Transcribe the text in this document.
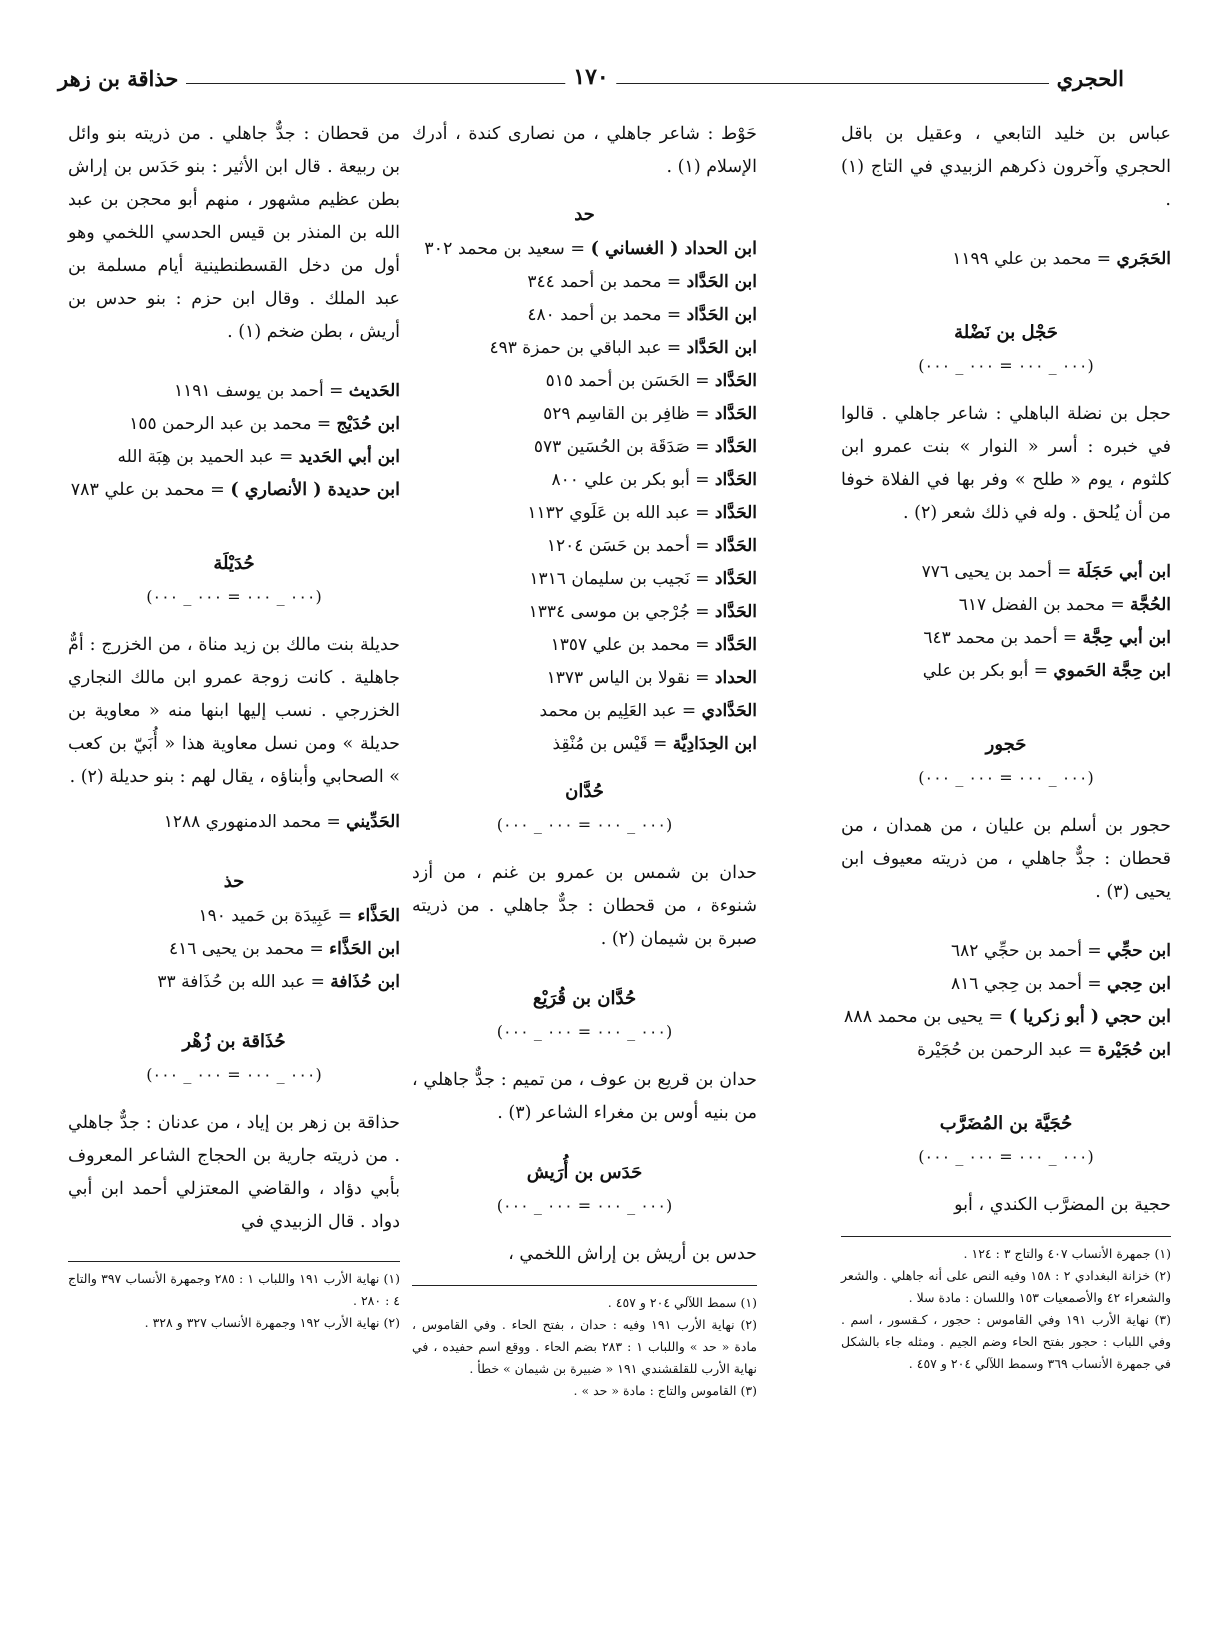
الحجري
١٧٠
حذاقة بن زهر

عباس بن خليد التابعي ، وعقيل بن باقل الحجري وآخرون ذكرهم الزبيدي في التاج (١) .

الحَجَري = محمد بن علي ١١٩٩

حَجْل بن نَضْلة
(٠٠٠ _ ٠٠٠ = ٠٠٠ _ ٠٠٠)

حجل بن نضلة الباهلي : شاعر جاهلي . قالوا في خبره : أسر « النوار » بنت عمرو ابن كلثوم ، يوم « طلح » وفر بها في الفلاة خوفا من أن يُلحق . وله في ذلك شعر (٢) .

ابن أبي حَجَلَة = أحمد بن يحيى ٧٧٦

الحُجَّة = محمد بن الفضل ٦١٧

ابن أبي حِجَّة = أحمد بن محمد ٦٤٣

ابن حِجَّة الحَموي = أبو بكر بن علي

حَجور
(٠٠٠ _ ٠٠٠ = ٠٠٠ _ ٠٠٠)

حجور بن أسلم بن عليان ، من همدان ، من قحطان : جدٌّ جاهلي ، من ذريته معيوف ابن يحيى (٣) .

ابن حجِّي = أحمد بن حجِّي ٦٨٢

ابن حِجي = أحمد بن حِجي ٨١٦

ابن حجي ( أبو زكريا ) = يحيى بن محمد ٨٨٨

ابن حُجَيْرة = عبد الرحمن بن حُجَيْرة

حُجَيَّة بن المُضَرَّب
(٠٠٠ _ ٠٠٠ = ٠٠٠ _ ٠٠٠)

حجية بن المضرَّب الكندي ، أبو

(١) جمهرة الأنساب ٤٠٧ والتاج ٣ : ١٢٤ .

(٢) خزانة البغدادي ٢ : ١٥٨ وفيه النص على أنه جاهلي . والشعر والشعراء ٤٢ والأصمعيات ١٥٣ واللسان : مادة سلا .

(٣) نهاية الأرب ١٩١ وفي القاموس : حجور ، كـقسور ، اسم . وفي اللباب : حجور بفتح الحاء وضم الجيم . ومثله جاء بالشكل في جمهرة الأنساب ٣٦٩ وسمط اللآلي ٢٠٤ و ٤٥٧ .

حَوْط : شاعر جاهلي ، من نصارى كندة ، أدرك الإسلام (١) .

حد

ابن الحداد ( الغساني ) = سعيد بن محمد ٣٠٢

ابن الحَدَّاد = محمد بن أحمد ٣٤٤

ابن الحَدَّاد = محمد بن أحمد ٤٨٠

ابن الحَدَّاد = عبد الباقي بن حمزة ٤٩٣

الحَدَّاد = الحَسَن بن أحمد ٥١٥

الحَدَّاد = ظافِر بن القاسِم ٥٢٩

الحَدَّاد = صَدَقَة بن الحُسَين ٥٧٣

الحَدَّاد = أبو بكر بن علي ٨٠٠

الحَدَّاد = عبد الله بن عَلَوي ١١٣٢

الحَدَّاد = أحمد بن حَسَن ١٢٠٤

الحَدَّاد = نَجيب بن سليمان ١٣١٦

الحَدَّاد = جُرْجي بن موسى ١٣٣٤

الحَدَّاد = محمد بن علي ١٣٥٧

الحداد = نقولا بن الياس ١٣٧٣

الحَدَّادي = عبد العَلِيم بن محمد

ابن الحِدَادِيَّة = قَيْس بن مُنْقِذ

حُدَّان
(٠٠٠ _ ٠٠٠ = ٠٠٠ _ ٠٠٠)

حدان بن شمس بن عمرو بن غنم ، من أزد شنوءة ، من قحطان : جدٌّ جاهلي . من ذريته صبرة بن شيمان (٢) .

حُدَّان بن قُرَيْع
(٠٠٠ _ ٠٠٠ = ٠٠٠ _ ٠٠٠)

حدان بن قريع بن عوف ، من تميم : جدٌّ جاهلي ، من بنيه أوس بن مغراء الشاعر (٣) .

حَدَس بن أُرَيش
(٠٠٠ _ ٠٠٠ = ٠٠٠ _ ٠٠٠)

حدس بن أريش بن إراش اللخمي ،

(١) سمط اللآلي ٢٠٤ و ٤٥٧ .

(٢) نهاية الأرب ١٩١ وفيه : حدان ، بفتح الحاء . وفي القاموس ، مادة « حد » واللباب ١ : ٢٨٣ بضم الحاء . ووقع اسم حفيده ، في نهاية الأرب للقلقشندي ١٩١ « ضبيرة بن شيمان » خطأ .

(٣) القاموس والتاج : مادة « حد » .

من قحطان : جدٌّ جاهلي . من ذريته بنو وائل بن ربيعة . قال ابن الأثير : بنو حَدَس بن إراش بطن عظيم مشهور ، منهم أبو محجن بن عبد الله بن المنذر بن قيس الحدسي اللخمي وهو أول من دخل القسطنطينية أيام مسلمة بن عبد الملك . وقال ابن حزم : بنو حدس بن أريش ، بطن ضخم (١) .

الحَديث = أحمد بن يوسف ١١٩١

ابن حُدَيْج = محمد بن عبد الرحمن ١٥٥

ابن أبي الحَديد = عبد الحميد بن هِبَة الله

ابن حديدة ( الأنصاري ) = محمد بن علي ٧٨٣

حُدَيْلَة
(٠٠٠ _ ٠٠٠ = ٠٠٠ _ ٠٠٠)

حديلة بنت مالك بن زيد مناة ، من الخزرج : أمٌّ جاهلية . كانت زوجة عمرو ابن مالك النجاري الخزرجي . نسب إليها ابنها منه « معاوية بن حديلة » ومن نسل معاوية هذا « أُبَيّ بن كعب » الصحابي وأبناؤه ، يقال لهم : بنو حديلة (٢) .

الحَدِّيني = محمد الدمنهوري ١٢٨٨

حذ

الحَذَّاء = عَبِيدَة بن حَميد ١٩٠

ابن الحَذَّاء = محمد بن يحيى ٤١٦

ابن حُذَافة = عبد الله بن حُذَافة ٣٣

حُذَاقة بن زُهْر
(٠٠٠ _ ٠٠٠ = ٠٠٠ _ ٠٠٠)

حذاقة بن زهر بن إياد ، من عدنان : جدٌّ جاهلي . من ذريته جارية بن الحجاج الشاعر المعروف بأبي دؤاد ، والقاضي المعتزلي أحمد ابن أبي دواد . قال الزبيدي في

(١) نهاية الأرب ١٩١ واللباب ١ : ٢٨٥ وجمهرة الأنساب ٣٩٧ والتاج ٤ : ٢٨٠ .

(٢) نهاية الأرب ١٩٢ وجمهرة الأنساب ٣٢٧ و ٣٢٨ .
